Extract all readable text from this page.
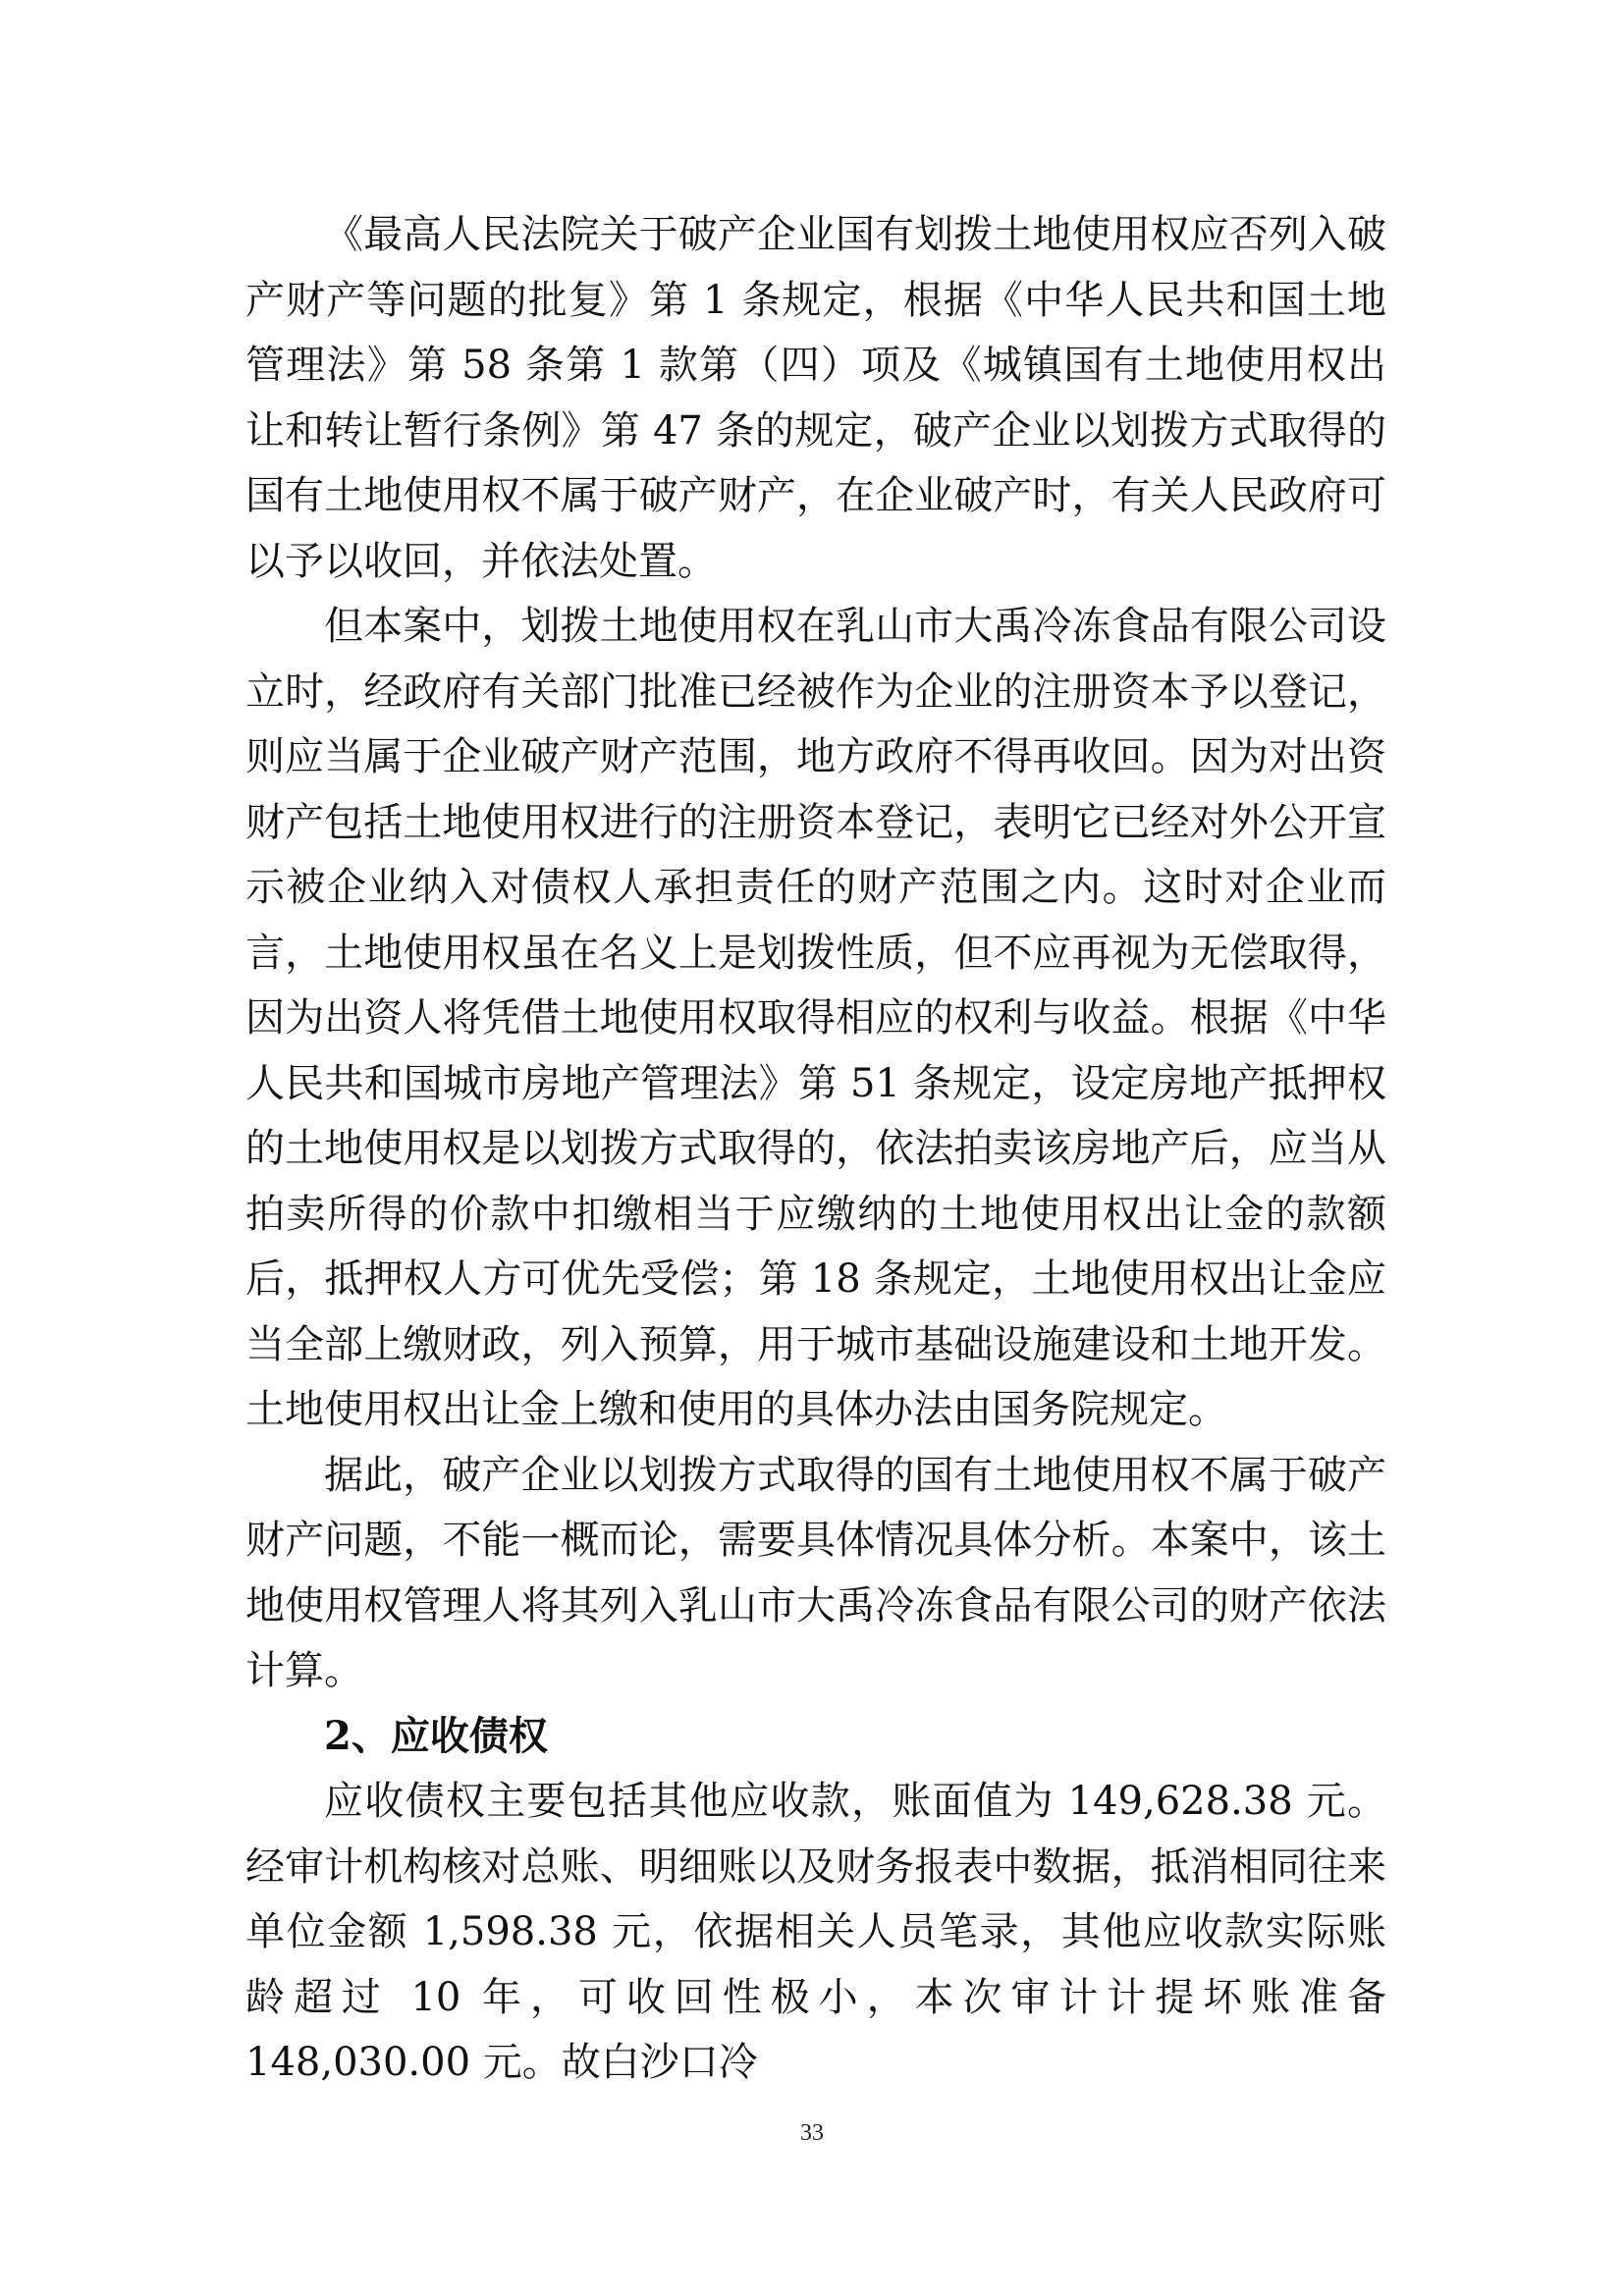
《最高人民法院关于破产企业国有划拨土地使用权应否列入破产财产等问题的批复》第 1 条规定，根据《中华人民共和国土地管理法》第 58 条第 1 款第（四）项及《城镇国有土地使用权出让和转让暂行条例》第 47 条的规定，破产企业以划拨方式取得的国有土地使用权不属于破产财产，在企业破产时，有关人民政府可以予以收回，并依法处置。

但本案中，划拨土地使用权在乳山市大禹冷冻食品有限公司设立时，经政府有关部门批准已经被作为企业的注册资本予以登记，则应当属于企业破产财产范围，地方政府不得再收回。因为对出资财产包括土地使用权进行的注册资本登记，表明它已经对外公开宣示被企业纳入对债权人承担责任的财产范围之内。这时对企业而言，土地使用权虽在名义上是划拨性质，但不应再视为无偿取得，因为出资人将凭借土地使用权取得相应的权利与收益。根据《中华人民共和国城市房地产管理法》第 51 条规定，设定房地产抵押权的土地使用权是以划拨方式取得的，依法拍卖该房地产后，应当从拍卖所得的价款中扣缴相当于应缴纳的土地使用权出让金的款额后，抵押权人方可优先受偿；第 18 条规定，土地使用权出让金应当全部上缴财政，列入预算，用于城市基础设施建设和土地开发。土地使用权出让金上缴和使用的具体办法由国务院规定。

据此，破产企业以划拨方式取得的国有土地使用权不属于破产财产问题，不能一概而论，需要具体情况具体分析。本案中，该土地使用权管理人将其列入乳山市大禹冷冻食品有限公司的财产依法计算。

2、应收债权

应收债权主要包括其他应收款，账面值为 149,628.38 元。经审计机构核对总账、明细账以及财务报表中数据，抵消相同往来单位金额 1,598.38 元，依据相关人员笔录，其他应收款实际账龄超过 10 年，可收回性极小，本次审计计提坏账准备 148,030.00 元。故白沙口冷

33
